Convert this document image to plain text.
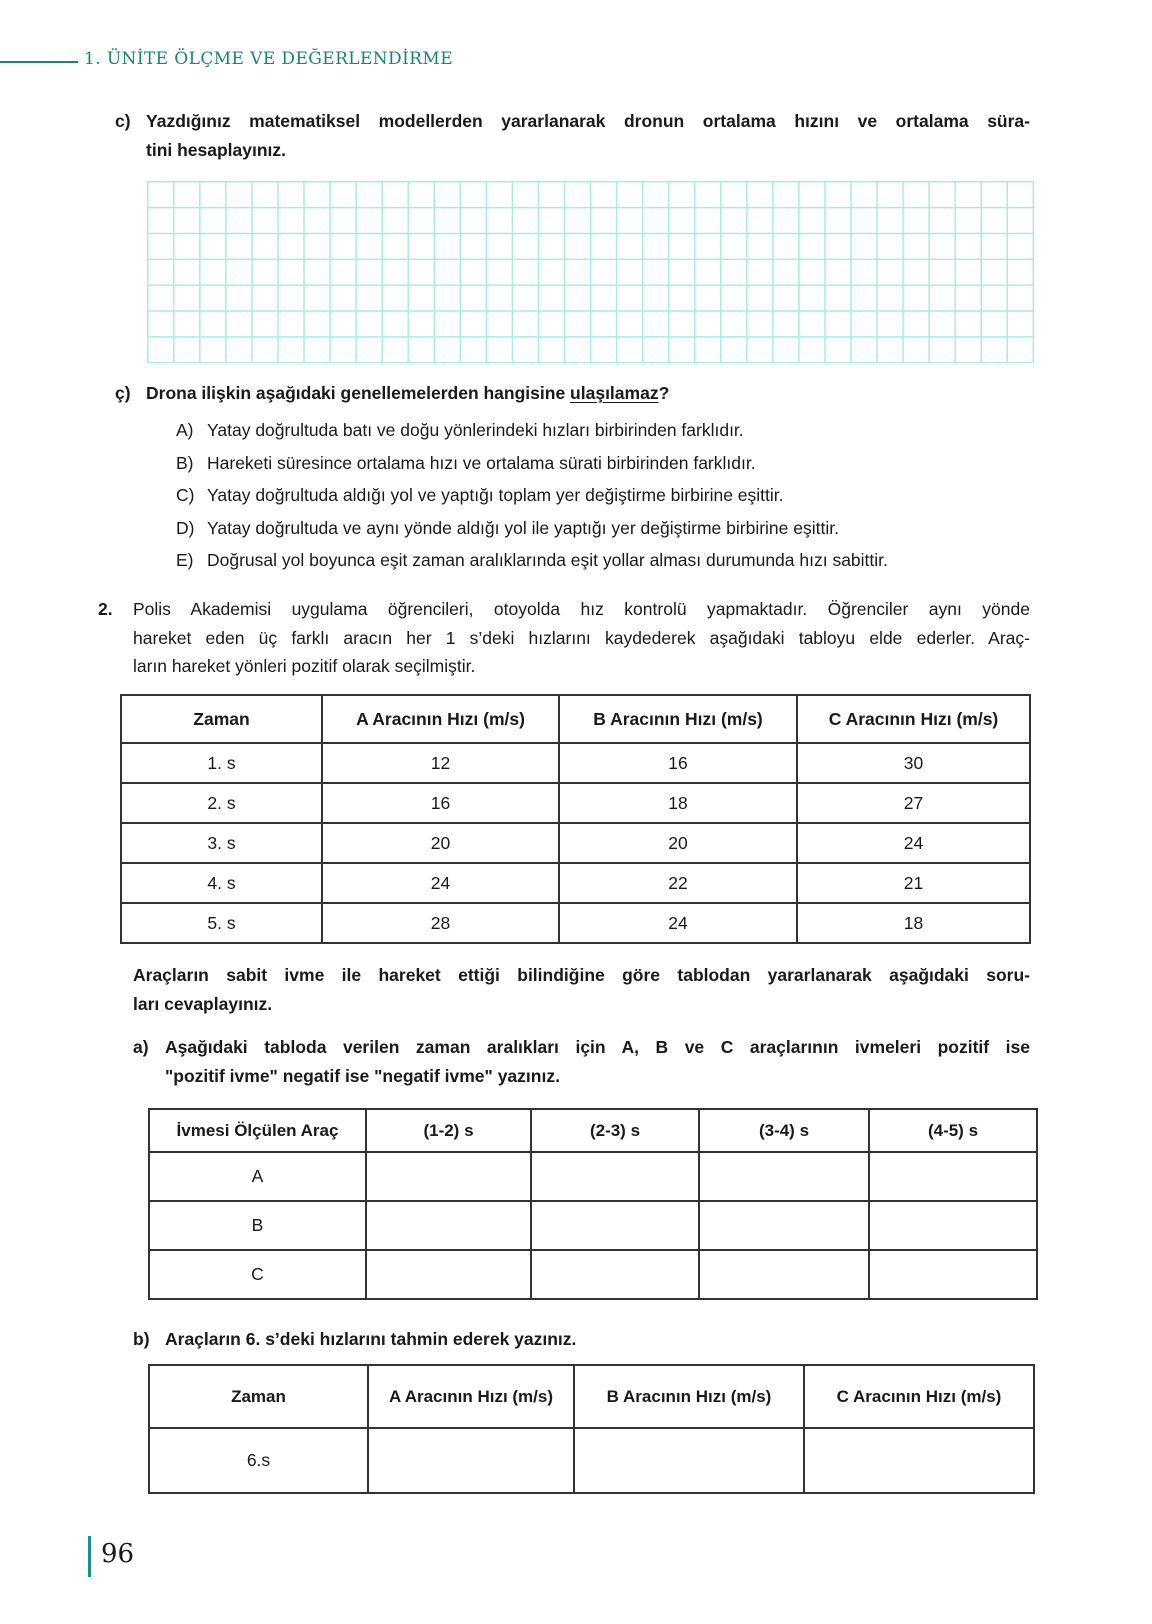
1. ÜNİTE ÖLÇME VE DEĞERLENDİRME
c) Yazdığınız matematiksel modellerden yararlanarak dronun ortalama hızını ve ortalama süra-
tini hesaplayınız.
ç) Drona ilişkin aşağıdaki genellemelerden hangisine ulaşılamaz?
A) Yatay doğrultuda batı ve doğu yönlerindeki hızları birbirinden farklıdır.
B) Hareketi süresince ortalama hızı ve ortalama sürati birbirinden farklıdır.
C) Yatay doğrultuda aldığı yol ve yaptığı toplam yer değiştirme birbirine eşittir.
D) Yatay doğrultuda ve aynı yönde aldığı yol ile yaptığı yer değiştirme birbirine eşittir.
E) Doğrusal yol boyunca eşit zaman aralıklarında eşit yollar alması durumunda hızı sabittir.
2. Polis Akademisi uygulama öğrencileri, otoyolda hız kontrolü yapmaktadır. Öğrenciler aynı yönde
hareket eden üç farklı aracın her 1 s’deki hızlarını kaydederek aşağıdaki tabloyu elde ederler. Araç-
ların hareket yönleri pozitif olarak seçilmiştir.
Zaman	A Aracının Hızı (m/s)	B Aracının Hızı (m/s)	C Aracının Hızı (m/s)
1. s	12	16	30
2. s	16	18	27
3. s	20	20	24
4. s	24	22	21
5. s	28	24	18
Araçların sabit ivme ile hareket ettiği bilindiğine göre tablodan yararlanarak aşağıdaki soru-
ları cevaplayınız.
a) Aşağıdaki tabloda verilen zaman aralıkları için A, B ve C araçlarının ivmeleri pozitif ise
"pozitif ivme" negatif ise "negatif ivme" yazınız.
İvmesi Ölçülen Araç	(1-2) s	(2-3) s	(3-4) s	(4-5) s
A				
B				
C				
b) Araçların 6. s’deki hızlarını tahmin ederek yazınız.
Zaman	A Aracının Hızı (m/s)	B Aracının Hızı (m/s)	C Aracının Hızı (m/s)
6.s			
96
